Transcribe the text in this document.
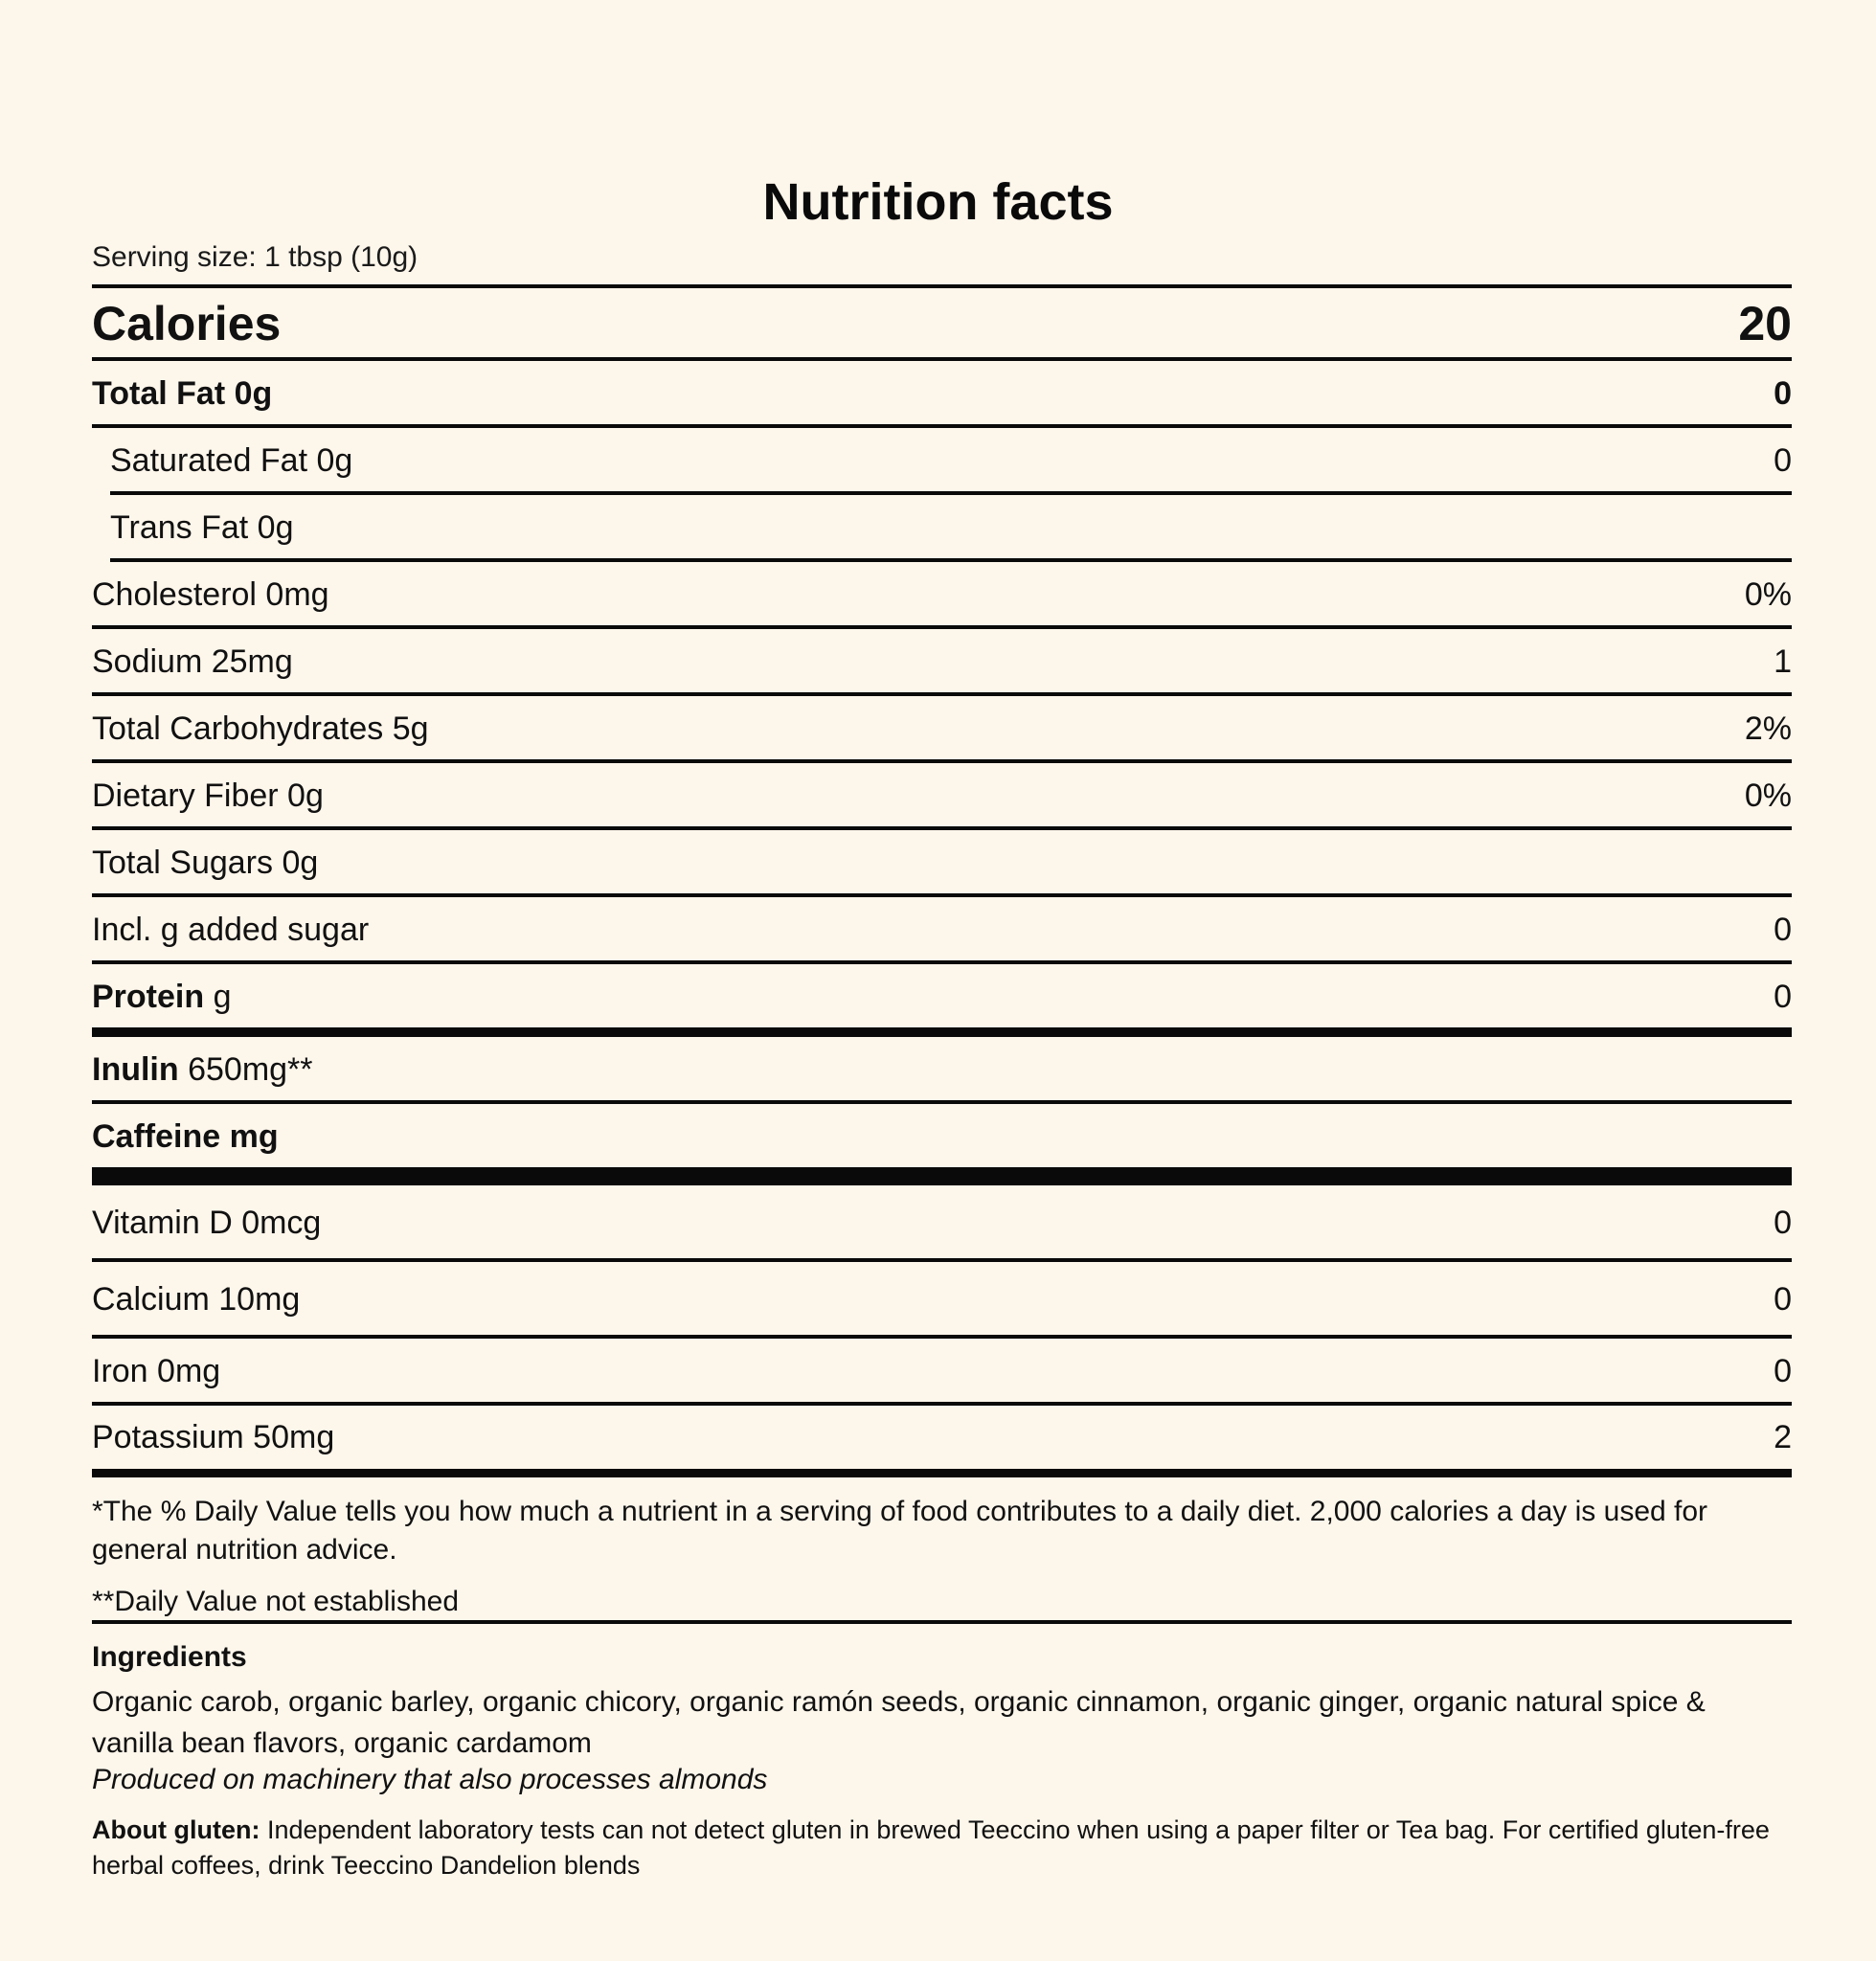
Nutrition facts
Serving size: 1 tbsp (10g)
Calories	20
Total Fat 0g	0
Saturated Fat 0g	0
Trans Fat 0g
Cholesterol 0mg	0%
Sodium 25mg	1
Total Carbohydrates 5g	2%
Dietary Fiber 0g	0%
Total Sugars 0g
Incl. g added sugar	0
Protein g	0
Inulin 650mg**
Caffeine mg
Vitamin D 0mcg	0
Calcium 10mg	0
Iron 0mg	0
Potassium 50mg	2
*The % Daily Value tells you how much a nutrient in a serving of food contributes to a daily diet. 2,000 calories a day is used for general nutrition advice.
**Daily Value not established
Ingredients
Organic carob, organic barley, organic chicory, organic ramón seeds, organic cinnamon, organic ginger, organic natural spice & vanilla bean flavors, organic cardamom
Produced on machinery that also processes almonds
About gluten: Independent laboratory tests can not detect gluten in brewed Teeccino when using a paper filter or Tea bag. For certified gluten-free herbal coffees, drink Teeccino Dandelion blends
